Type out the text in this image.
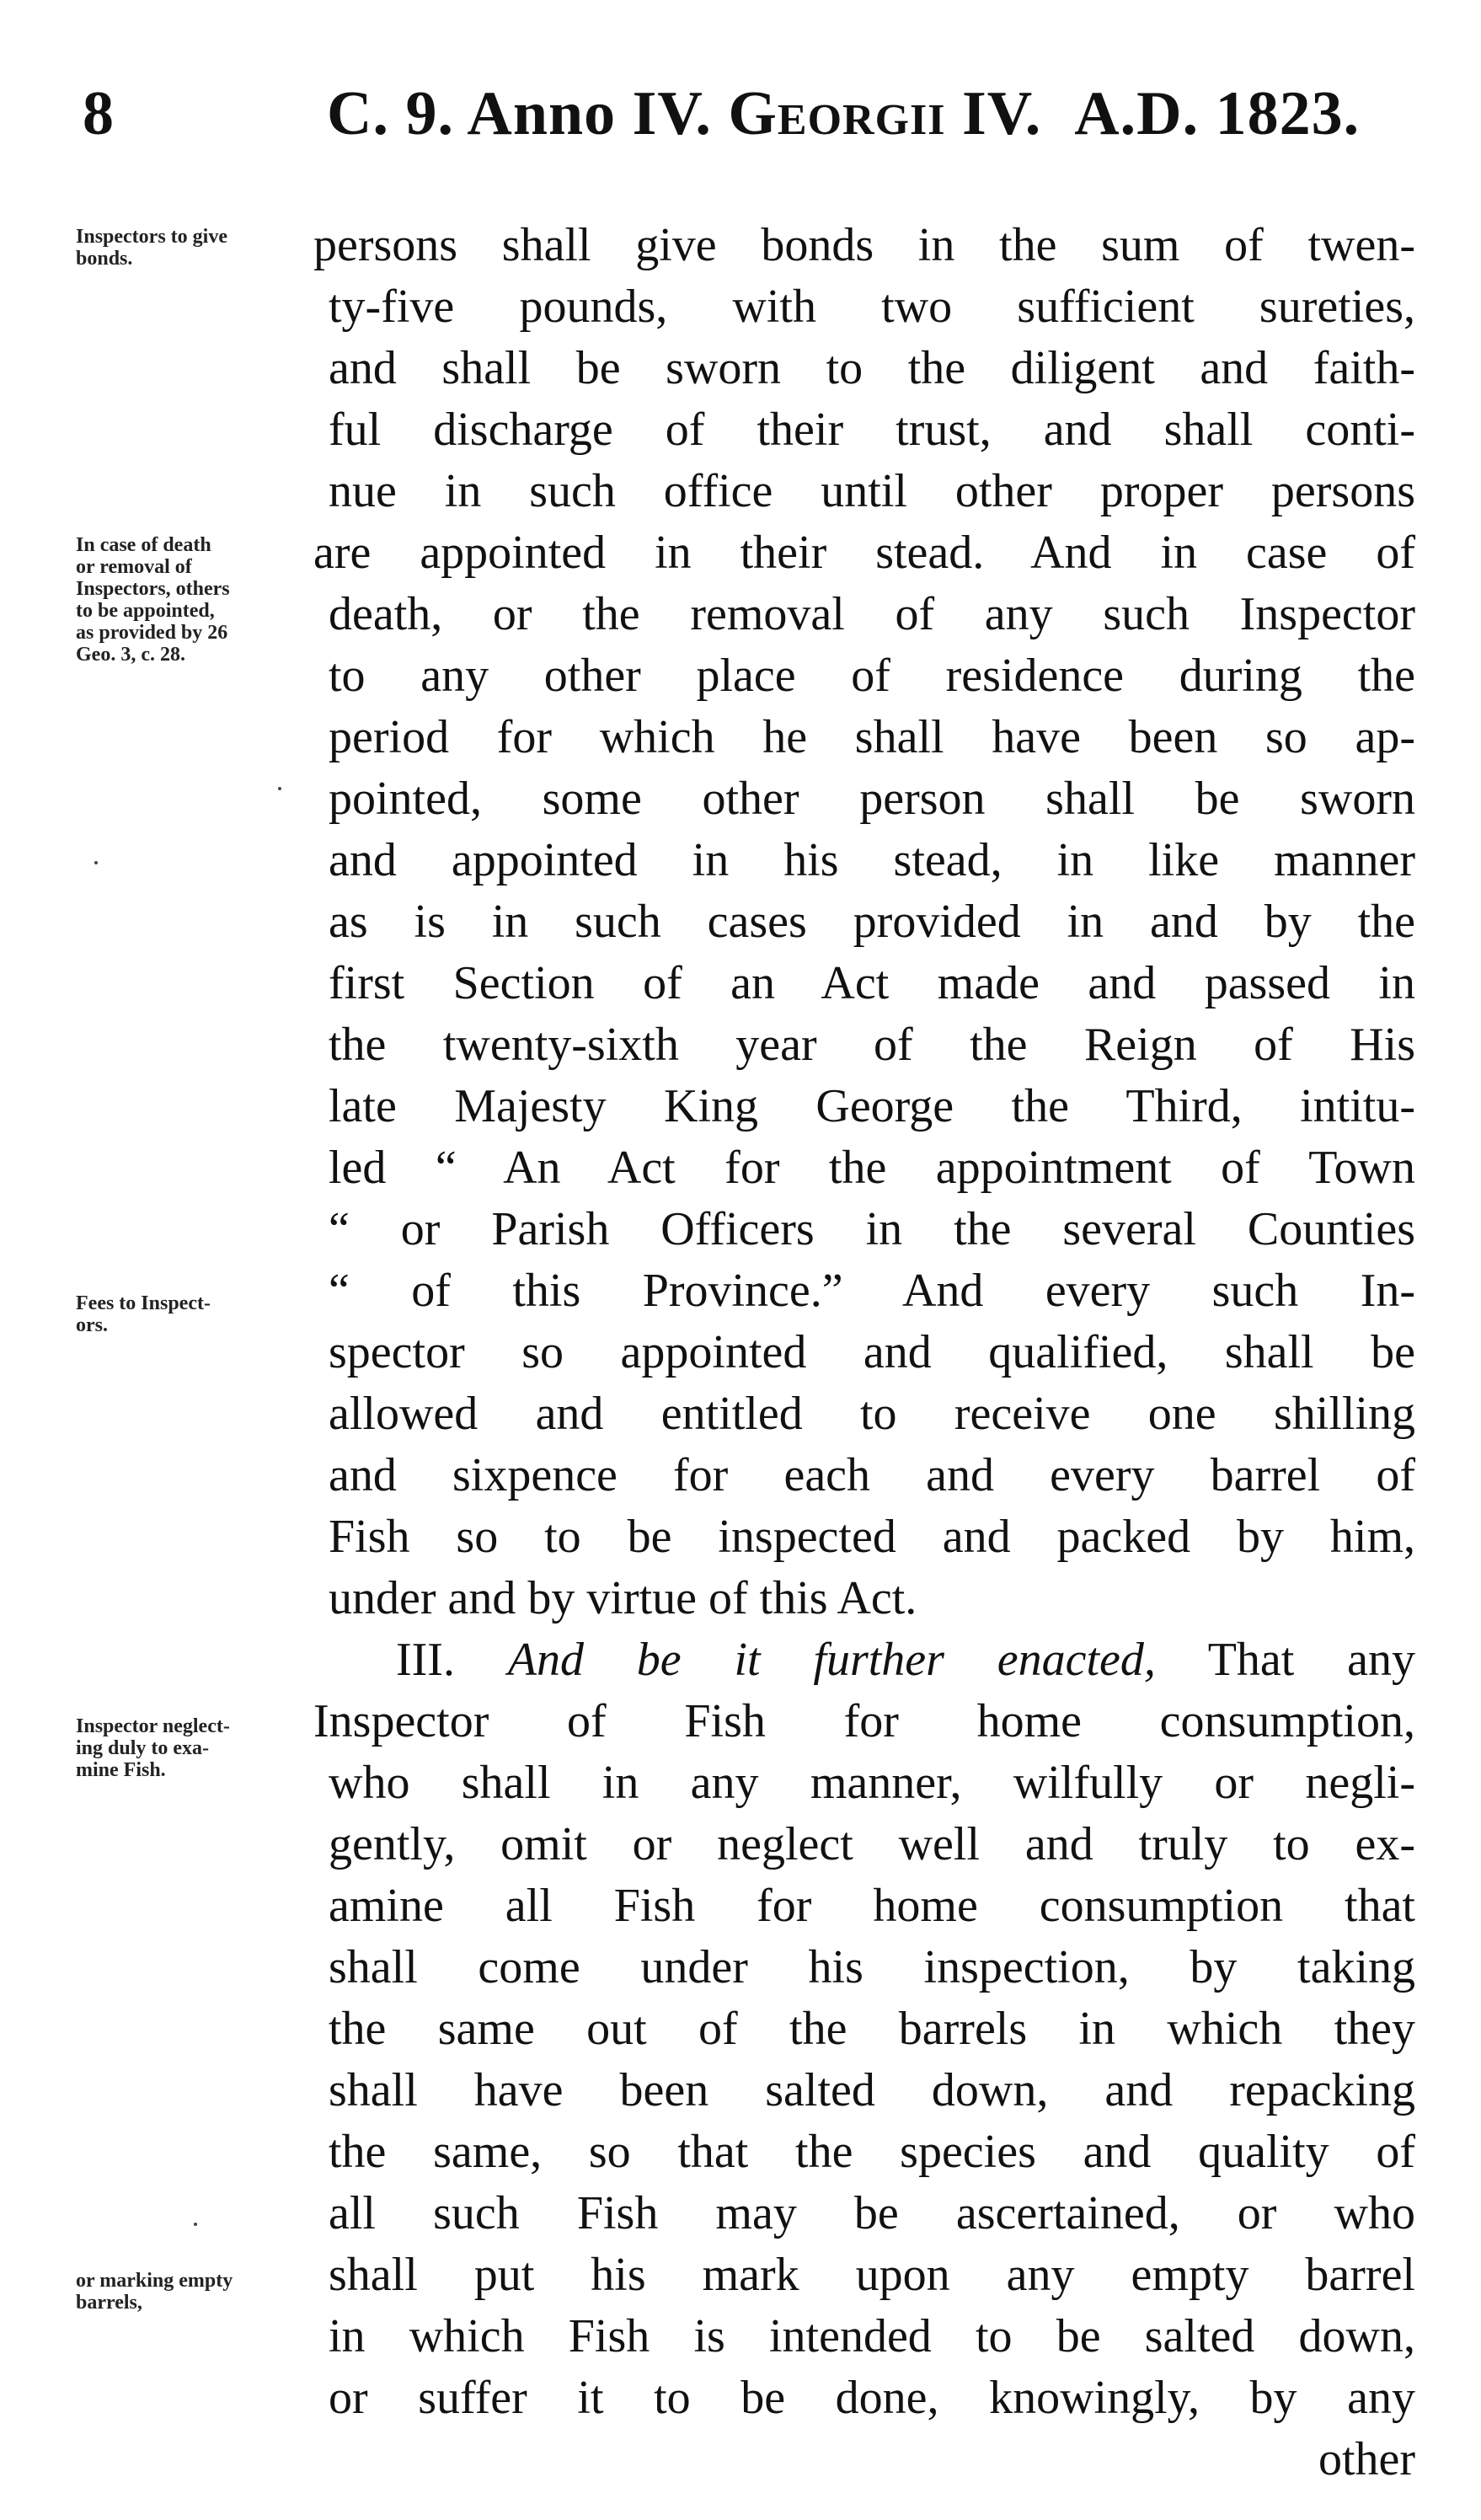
8	C. 9. Anno IV. Georgii IV. A.D. 1823.
Inspectors to give
bonds.
In case of death
or removal of
Inspectors, others
to be appointed,
as provided by 26
Geo. 3, c. 28.
Fees to Inspect-
ors.
Inspector neglect-
ing duly to exa-
mine Fish.
or marking empty
barrels,
persons shall give bonds in the sum of twen-
ty-five pounds, with two sufficient sureties,
and shall be sworn to the diligent and faith-
ful discharge of their trust, and shall conti-
nue in such office until other proper persons
are appointed in their stead. And in case of
death, or the removal of any such Inspector
to any other place of residence during the
period for which he shall have been so ap-
pointed, some other person shall be sworn
and appointed in his stead, in like manner
as is in such cases provided in and by the
first Section of an Act made and passed in
the twenty-sixth year of the Reign of His
late Majesty King George the Third, intitu-
led “ An Act for the appointment of Town
“ or Parish Officers in the several Counties
“ of this Province.” And every such In-
spector so appointed and qualified, shall be
allowed and entitled to receive one shilling
and sixpence for each and every barrel of
Fish so to be inspected and packed by him,
under and by virtue of this Act.
III. And be it further enacted, That any
Inspector of Fish for home consumption,
who shall in any manner, wilfully or negli-
gently, omit or neglect well and truly to ex-
amine all Fish for home consumption that
shall come under his inspection, by taking
the same out of the barrels in which they
shall have been salted down, and repacking
the same, so that the species and quality of
all such Fish may be ascertained, or who
shall put his mark upon any empty barrel
in which Fish is intended to be salted down,
or suffer it to be done, knowingly, by any
other
